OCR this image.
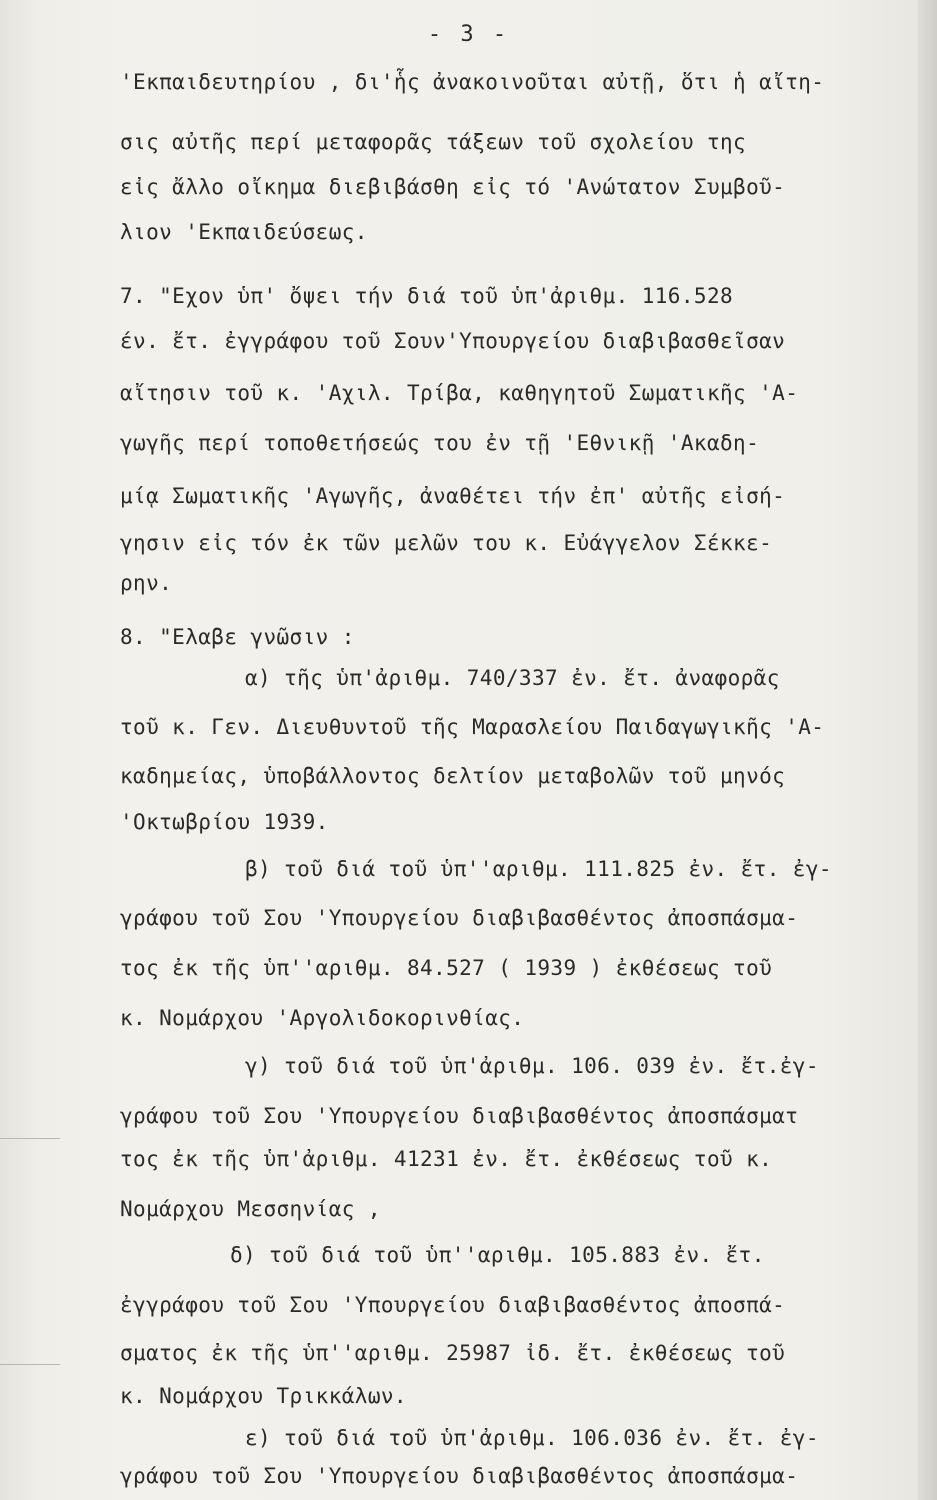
- 3 -
'Εκπαιδευτηρίου , δι'ἧς ἀνακοινοῦται αὐτῇ, ὅτι ἡ αἴτη-
σις αὐτῆς περί μεταφορᾶς τάξεων τοῦ σχολείου της
εἰς ἄλλο οἴκημα διεβιβάσθη εἰς τό 'Ανώτατον Συμβοῦ-
λιον 'Εκπαιδεύσεως.
7. "Εχον ὑπ' ὄψει τήν διά τοῦ ὑπ'ἀριθμ. 116.528
έν. ἔτ. ἐγγράφου τοῦ Σουν'Υπουργείου διαβιβασθεῖσαν
αἴτησιν τοῦ κ. 'Αχιλ. Τρίβα, καθηγητοῦ Σωματικῆς 'Α-
γωγῆς περί τοποθετήσεώς του ἐν τῇ 'Εθνικῇ 'Ακαδη-
μίᾳ Σωματικῆς 'Αγωγῆς, ἀναθέτει τήν ἐπ' αὐτῆς εἰσή-
γησιν εἰς τόν ἐκ τῶν μελῶν του κ. Εὐάγγελον Σέκκε-
ρην.
8. "Ελαβε γνῶσιν :
α) τῆς ὑπ'ἀριθμ. 740/337 ἐν. ἔτ. ἀναφορᾶς
τοῦ κ. Γεν. Διευθυντοῦ τῆς Μαρασλείου Παιδαγωγικῆς 'Α-
καδημείας, ὑποβάλλοντος δελτίον μεταβολῶν τοῦ μηνός
'Οκτωβρίου 1939.
β) τοῦ διά τοῦ ὑπ''αριθμ. 111.825 ἐν. ἔτ. ἐγ-
γράφου τοῦ Σου 'Υπουργείου διαβιβασθέντος ἀποσπάσμα-
τος ἐκ τῆς ὑπ''αριθμ. 84.527 ( 1939 ) ἐκθέσεως τοῦ
κ. Νομάρχου 'Αργολιδοκορινθίας.
γ) τοῦ διά τοῦ ὑπ'ἀριθμ. 106. 039 ἐν. ἔτ.ἐγ-
γράφου τοῦ Σου 'Υπουργείου διαβιβασθέντος ἀποσπάσματ
τος ἐκ τῆς ὑπ'ἀριθμ. 41231 ἐν. ἔτ. ἐκθέσεως τοῦ κ.
Νομάρχου Μεσσηνίας ,
δ) τοῦ διά τοῦ ὑπ''αριθμ. 105.883 ἐν. ἔτ.
ἐγγράφου τοῦ Σου 'Υπουργείου διαβιβασθέντος ἀποσπά-
σματος ἐκ τῆς ὑπ''αριθμ. 25987 ἰδ. ἔτ. ἐκθέσεως τοῦ
κ. Νομάρχου Τρικκάλων.
ε) τοῦ διά τοῦ ὑπ'ἀριθμ. 106.036 ἐν. ἔτ. ἐγ-
γράφου τοῦ Σου 'Υπουργείου διαβιβασθέντος ἀποσπάσμα-
